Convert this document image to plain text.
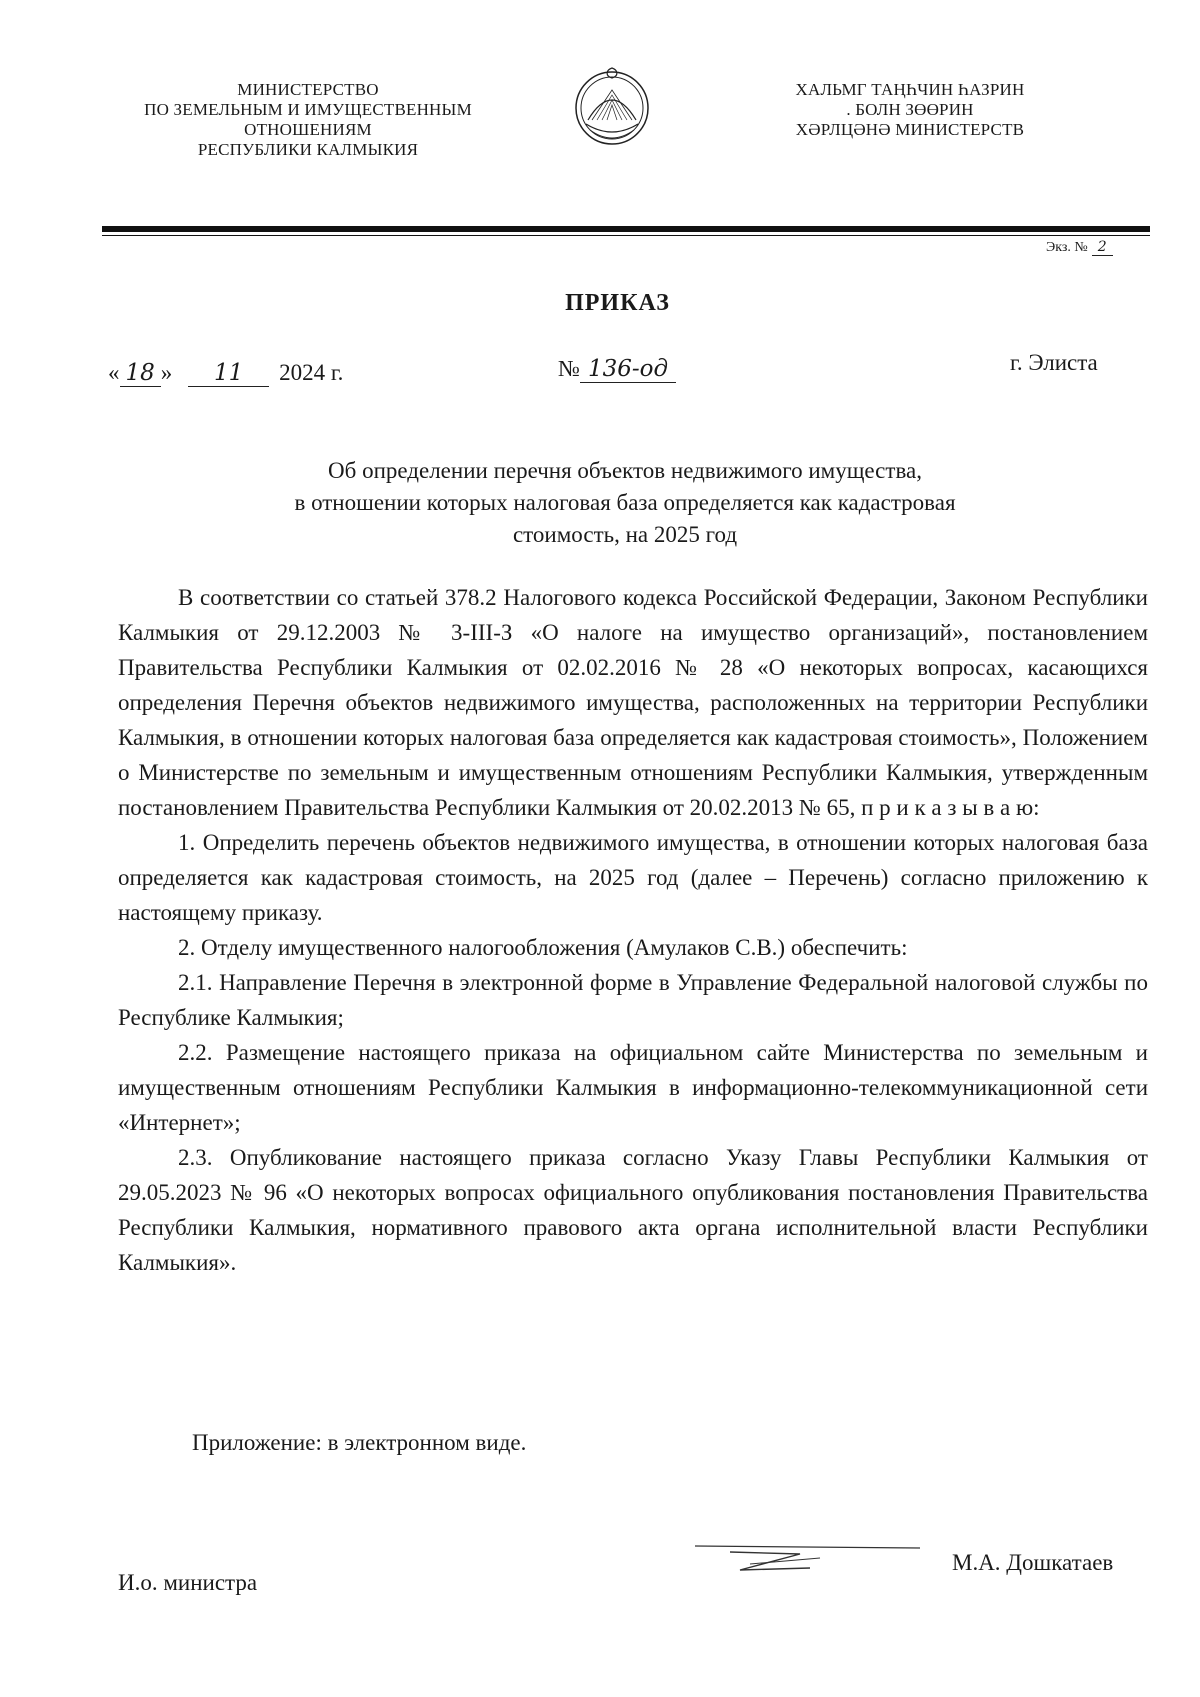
МИНИСТЕРСТВО
ПО ЗЕМЕЛЬНЫМ И ИМУЩЕСТВЕННЫМ
ОТНОШЕНИЯМ
РЕСПУБЛИКИ КАЛМЫКИЯ
ХАЛЬМГ ТАҢҺЧИН ҺАЗРИН
. БОЛН ЗӨӨРИН
ХӘРЛЦӘНӘ МИНИСТЕРСТВ
Экз. № 2
ПРИКАЗ
« 18 » 11 2024 г.	№ 136-од	г. Элиста
Об определении перечня объектов недвижимого имущества,
в отношении которых налоговая база определяется как кадастровая
стоимость, на 2025 год

В соответствии со статьей 378.2 Налогового кодекса Российской Федерации, Законом Республики Калмыкия от 29.12.2003 № 3-III-З «О налоге на имущество организаций», постановлением Правительства Республики Калмыкия от 02.02.2016 № 28 «О некоторых вопросах, касающихся определения Перечня объектов недвижимого имущества, расположенных на территории Республики Калмыкия, в отношении которых налоговая база определяется как кадастровая стоимость», Положением о Министерстве по земельным и имущественным отношениям Республики Калмыкия, утвержденным постановлением Правительства Республики Калмыкия от 20.02.2013 № 65, п р и к а з ы в а ю:

1. Определить перечень объектов недвижимого имущества, в отношении которых налоговая база определяется как кадастровая стоимость, на 2025 год (далее – Перечень) согласно приложению к настоящему приказу.

2. Отделу имущественного налогообложения (Амулаков С.В.) обеспечить:

2.1. Направление Перечня в электронной форме в Управление Федеральной налоговой службы по Республике Калмыкия;

2.2. Размещение настоящего приказа на официальном сайте Министерства по земельным и имущественным отношениям Республики Калмыкия в информационно-телекоммуникационной сети «Интернет»;

2.3. Опубликование настоящего приказа согласно Указу Главы Республики Калмыкия от 29.05.2023 № 96 «О некоторых вопросах официального опубликования постановления Правительства Республики Калмыкия, нормативного правового акта органа исполнительной власти Республики Калмыкия».

Приложение: в электронном виде.
И.о. министра
М.А. Дошкатаев
